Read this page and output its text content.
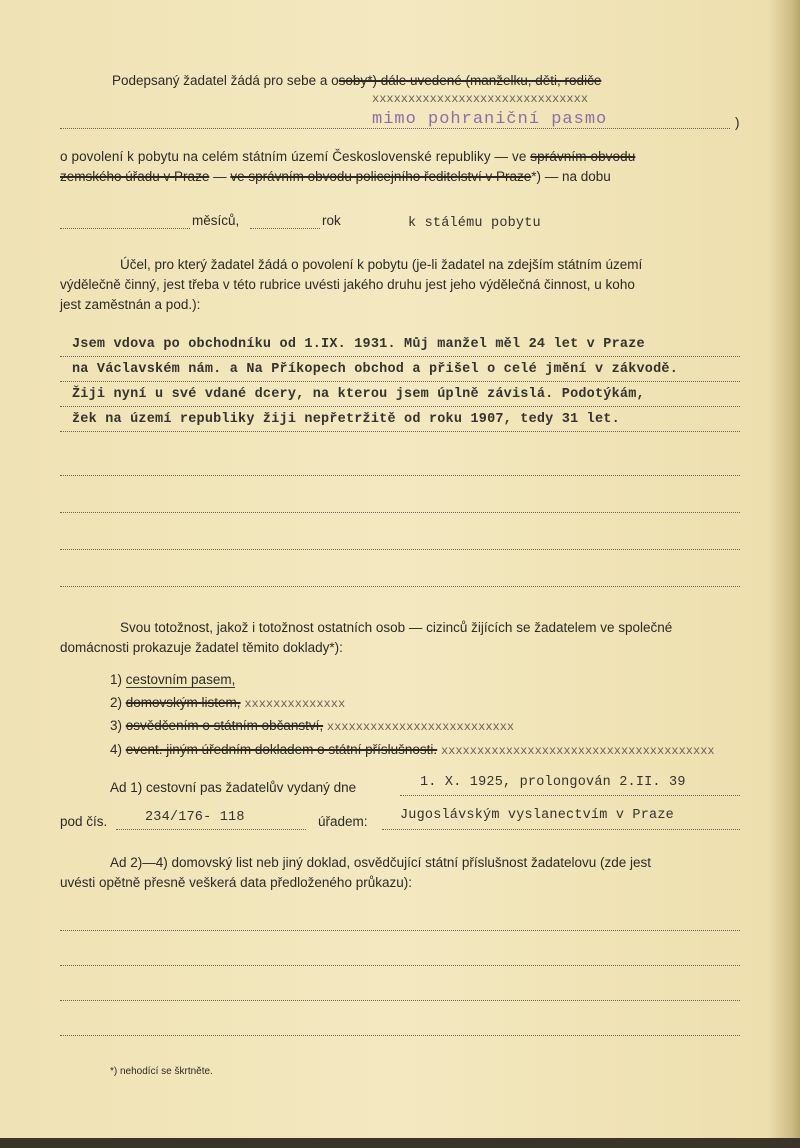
Podepsaný žadatel žádá pro sebe a osoby*) dále uvedené (manželku, děti, rodiče
xxxxxxxxxxxxxxxxxxxxxxxxxxxxxx
mimo pohraniční pasmo	)
o povolení k pobytu na celém státním území Československé republiky — ve správním obvodu
zemského úřadu v Praze — ve správním obvodu policejního ředitelství v Praze*) — na dobu
měsíců,	rok	k stálému pobytu
Účel, pro který žadatel žádá o povolení k pobytu (je-li žadatel na zdejším státním území
výdělečně činný, jest třeba v této rubrice uvésti jakého druhu jest jeho výdělečná činnost, u koho
jest zaměstnán a pod.):
Jsem vdova po obchodníku od 1.IX. 1931. Můj manžel měl 24 let v Praze
na Václavském nám. a Na Příkopech obchod a přišel o celé jmění v zákvodě.
Žiji nyní u své vdané dcery, na kterou jsem úplně závislá. Podotýkám,
žek na území republiky žiji nepřetržitě od roku 1907, tedy 31 let.
Svou totožnost, jakož i totožnost ostatních osob — cizinců žijících se žadatelem ve společné
domácnosti prokazuje žadatel těmito doklady*):
1) cestovním pasem,
2) domovským listem, xxxxxxxxxxxxxx
3) osvědčením o státním občanství, xxxxxxxxxxxxxxxxxxxxxxxxxx
4) event. jiným úředním dokladem o státní příslušnosti. xxxxxxxxxxxxxxxxxxxxxxxxxxxxxxxxxxxxxx
Ad 1) cestovní pas žadatelův vydaný dne	1. X. 1925, prolongován 2.II. 39
pod čís.	234/176- 118	úřadem: Jugoslávským vyslanectvím v Praze
Ad 2)—4) domovský list neb jiný doklad, osvědčující státní příslušnost žadatelovu (zde jest
uvésti opětně přesně veškerá data předloženého průkazu):
*) nehodící se škrtněte.
